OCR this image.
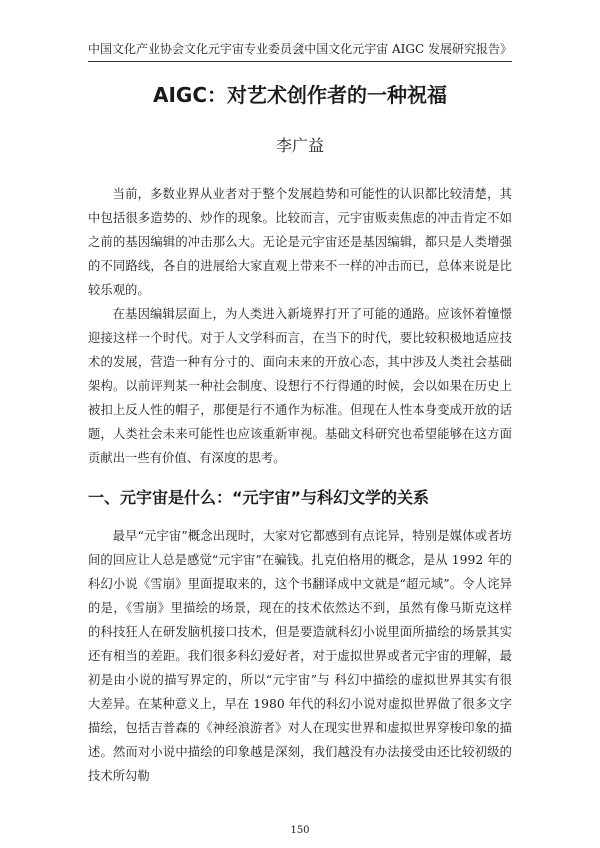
中国文化产业协会文化元宇宙专业委员会
《中国文化元宇宙 AIGC 发展研究报告》
AIGC：对艺术创作者的一种祝福
李广益

当前，多数业界从业者对于整个发展趋势和可能性的认识都比较清楚，其中包括很多造势的、炒作的现象。比较而言，元宇宙贩卖焦虑的冲击肯定不如之前的基因编辑的冲击那么大。无论是元宇宙还是基因编辑，都只是人类增强的不同路线，各自的进展给大家直观上带来不一样的冲击而已，总体来说是比较乐观的。

在基因编辑层面上，为人类进入新境界打开了可能的通路。应该怀着憧憬迎接这样一个时代。对于人文学科而言，在当下的时代，要比较积极地适应技术的发展，营造一种有分寸的、面向未来的开放心态，其中涉及人类社会基础架构。以前评判某一种社会制度、设想行不行得通的时候，会以如果在历史上被扣上反人性的帽子，那便是行不通作为标准。但现在人性本身变成开放的话题，人类社会未来可能性也应该重新审视。基础文科研究也希望能够在这方面贡献出一些有价值、有深度的思考。

一、元宇宙是什么：“元宇宙”与科幻文学的关系

最早“元宇宙”概念出现时，大家对它都感到有点诧异，特别是媒体或者坊间的回应让人总是感觉“元宇宙”在骗钱。扎克伯格用的概念，是从 1992 年的科幻小说《雪崩》里面提取来的，这个书翻译成中文就是“超元域”。令人诧异的是，《雪崩》里描绘的场景，现在的技术依然达不到，虽然有像马斯克这样的科技狂人在研发脑机接口技术，但是要造就科幻小说里面所描绘的场景其实还有相当的差距。我们很多科幻爱好者，对于虚拟世界或者元宇宙的理解，最初是由小说的描写界定的，所以“元宇宙”与 科幻中描绘的虚拟世界其实有很大差异。在某种意义上，早在 1980 年代的科幻小说对虚拟世界做了很多文字描绘，包括吉普森的《神经浪游者》对人在现实世界和虚拟世界穿梭印象的描述。然而对小说中描绘的印象越是深刻，我们越没有办法接受由还比较初级的技术所勾勒

150
